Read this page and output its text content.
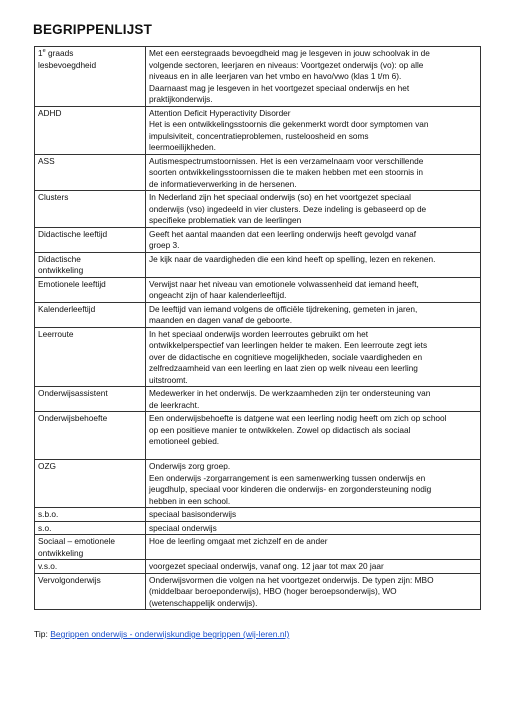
BEGRIPPENLIJST
1e graads
lesbevoegdheid	Met een eerstegraads bevoegdheid mag je lesgeven in jouw schoolvak in de
volgende sectoren, leerjaren en niveaus: Voortgezet onderwijs (vo): op alle
niveaus en in alle leerjaren van het vmbo en havo/vwo (klas 1 t/m 6).
Daarnaast mag je lesgeven in het voortgezet speciaal onderwijs en het
praktijkonderwijs.

ADHD	Attention Deficit Hyperactivity Disorder
Het is een ontwikkelingsstoornis die gekenmerkt wordt door symptomen van
impulsiviteit, concentratieproblemen, rusteloosheid en soms
leermoeilijkheden.

ASS	Autismespectrumstoornissen. Het is een verzamelnaam voor verschillende
soorten ontwikkelingsstoornissen die te maken hebben met een stoornis in
de informatieverwerking in de hersenen.

Clusters	In Nederland zijn het speciaal onderwijs (so) en het voortgezet speciaal
onderwijs (vso) ingedeeld in vier clusters. Deze indeling is gebaseerd op de
specifieke problematiek van de leerlingen

Didactische leeftijd	Geeft het aantal maanden dat een leerling onderwijs heeft gevolgd vanaf
groep 3.

Didactische
ontwikkeling	Je kijk naar de vaardigheden die een kind heeft op spelling, lezen en rekenen.

Emotionele leeftijd	Verwijst naar het niveau van emotionele volwassenheid dat iemand heeft,
ongeacht zijn of haar kalenderleeftijd.

Kalenderleeftijd	De leeftijd van iemand volgens de officiële tijdrekening, gemeten in jaren,
maanden en dagen vanaf de geboorte.

Leerroute	In het speciaal onderwijs worden leerroutes gebruikt om het
ontwikkelperspectief van leerlingen helder te maken. Een leerroute zegt iets
over de didactische en cognitieve mogelijkheden, sociale vaardigheden en
zelfredzaamheid van een leerling en laat zien op welk niveau een leerling
uitstroomt.

Onderwijsassistent	Medewerker in het onderwijs. De werkzaamheden zijn ter ondersteuning van
de leerkracht.

Onderwijsbehoefte	Een onderwijsbehoefte is datgene wat een leerling nodig heeft om zich op school
op een positieve manier te ontwikkelen. Zowel op didactisch als sociaal
emotioneel gebied.

OZG	Onderwijs zorg groep.
Een onderwijs -zorgarrangement is een samenwerking tussen onderwijs en
jeugdhulp, speciaal voor kinderen die onderwijs- en zorgondersteuning nodig
hebben in een school.

s.b.o.	speciaal basisonderwijs

s.o.	speciaal onderwijs

Sociaal – emotionele
ontwikkeling	Hoe de leerling omgaat met zichzelf en de ander

v.s.o.	voorgezet speciaal onderwijs, vanaf ong. 12 jaar tot max 20 jaar

Vervolgonderwijs	Onderwijsvormen die volgen na het voortgezet onderwijs. De typen zijn: MBO
(middelbaar beroeponderwijs), HBO (hoger beroepsonderwijs), WO
(wetenschappelijk onderwijs).
Tip: Begrippen onderwijs - onderwijskundige begrippen (wij-leren.nl)
